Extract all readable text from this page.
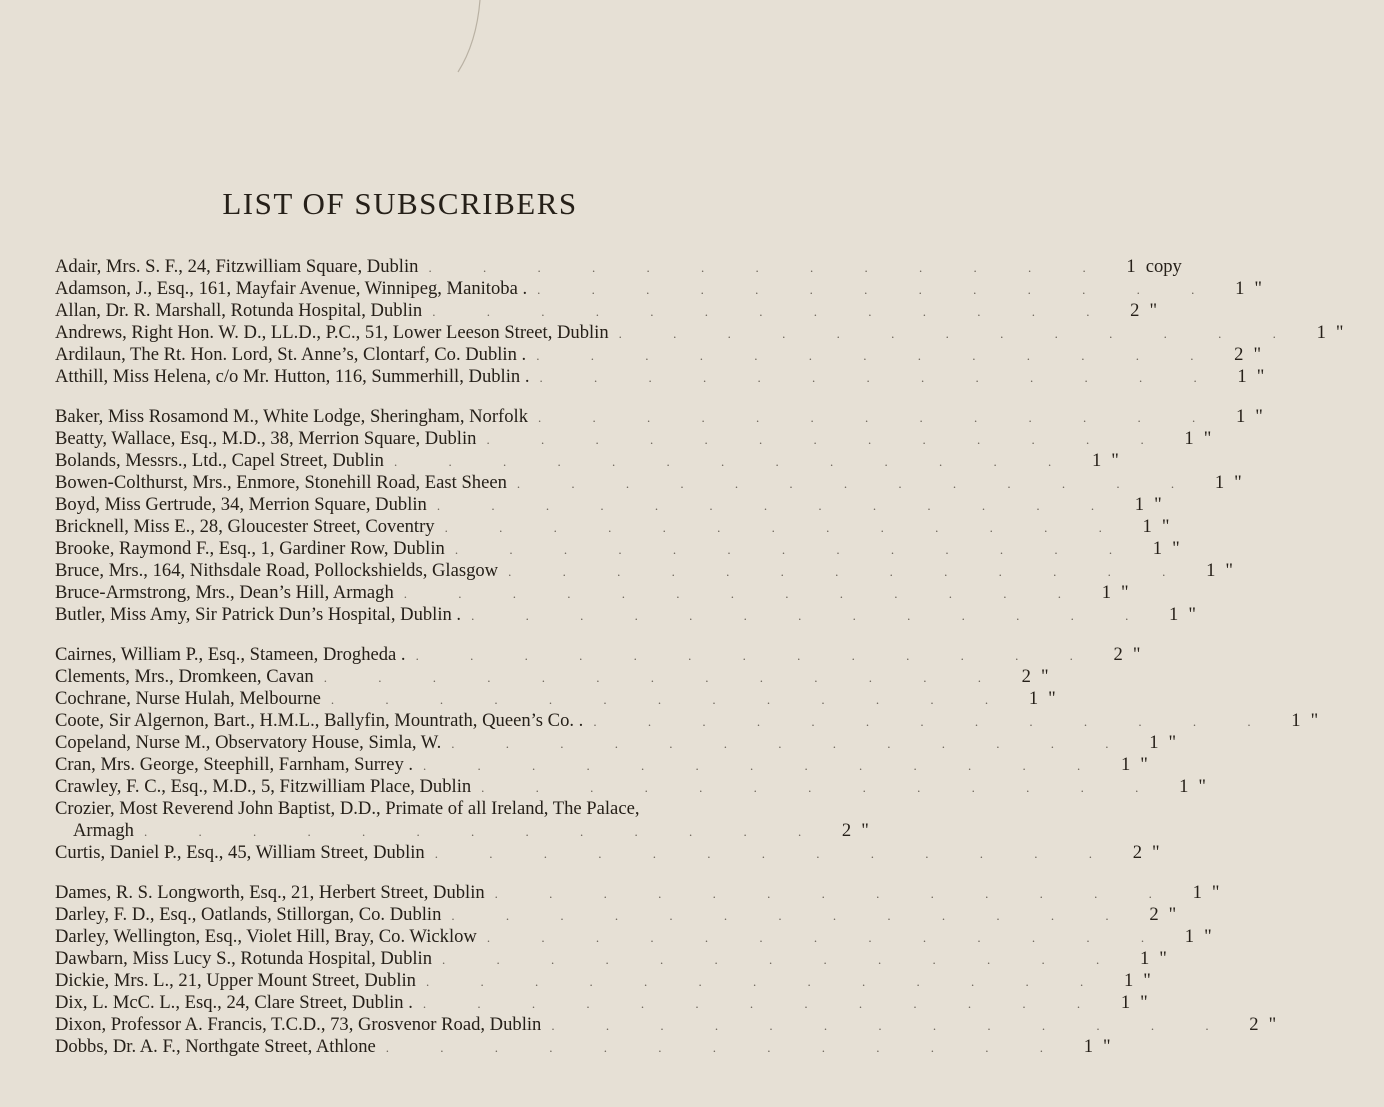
LIST OF SUBSCRIBERS
Adair, Mrs. S. F., 24, Fitzwilliam Square, Dublin . . . . . . . . . . . . . 1 copy
Adamson, J., Esq., 161, Mayfair Avenue, Winnipeg, Manitoba . . . . . . . . . . . . . . 1 "
Allan, Dr. R. Marshall, Rotunda Hospital, Dublin . . . . . . . . . . . . . 2 "
Andrews, Right Hon. W. D., LL.D., P.C., 51, Lower Leeson Street, Dublin . . . . . . . . . . . . . 1 "
Ardilaun, The Rt. Hon. Lord, St. Anne’s, Clontarf, Co. Dublin . . . . . . . . . . . . . . 2 "
Atthill, Miss Helena, c/o Mr. Hutton, 116, Summerhill, Dublin . . . . . . . . . . . . . . 1 "
Baker, Miss Rosamond M., White Lodge, Sheringham, Norfolk . . . . . . . . . . . . . 1 "
Beatty, Wallace, Esq., M.D., 38, Merrion Square, Dublin . . . . . . . . . . . . . 1 "
Bolands, Messrs., Ltd., Capel Street, Dublin . . . . . . . . . . . . . 1 "
Bowen-Colthurst, Mrs., Enmore, Stonehill Road, East Sheen . . . . . . . . . . . . . 1 "
Boyd, Miss Gertrude, 34, Merrion Square, Dublin . . . . . . . . . . . . . 1 "
Bricknell, Miss E., 28, Gloucester Street, Coventry . . . . . . . . . . . . . 1 "
Brooke, Raymond F., Esq., 1, Gardiner Row, Dublin . . . . . . . . . . . . . 1 "
Bruce, Mrs., 164, Nithsdale Road, Pollockshields, Glasgow . . . . . . . . . . . . . 1 "
Bruce-Armstrong, Mrs., Dean’s Hill, Armagh . . . . . . . . . . . . . 1 "
Butler, Miss Amy, Sir Patrick Dun’s Hospital, Dublin . . . . . . . . . . . . . . 1 "
Cairnes, William P., Esq., Stameen, Drogheda . . . . . . . . . . . . . . 2 "
Clements, Mrs., Dromkeen, Cavan . . . . . . . . . . . . . 2 "
Cochrane, Nurse Hulah, Melbourne . . . . . . . . . . . . . 1 "
Coote, Sir Algernon, Bart., H.M.L., Ballyfin, Mountrath, Queen’s Co. . . . . . . . . . . . . . . 1 "
Copeland, Nurse M., Observatory House, Simla, W. . . . . . . . . . . . . . 1 "
Cran, Mrs. George, Steephill, Farnham, Surrey . . . . . . . . . . . . . . 1 "
Crawley, F. C., Esq., M.D., 5, Fitzwilliam Place, Dublin . . . . . . . . . . . . . 1 "
Crozier, Most Reverend John Baptist, D.D., Primate of all Ireland, The Palace,
Armagh . . . . . . . . . . . . . 2 "
Curtis, Daniel P., Esq., 45, William Street, Dublin . . . . . . . . . . . . . 2 "
Dames, R. S. Longworth, Esq., 21, Herbert Street, Dublin . . . . . . . . . . . . . 1 "
Darley, F. D., Esq., Oatlands, Stillorgan, Co. Dublin . . . . . . . . . . . . . 2 "
Darley, Wellington, Esq., Violet Hill, Bray, Co. Wicklow . . . . . . . . . . . . . 1 "
Dawbarn, Miss Lucy S., Rotunda Hospital, Dublin . . . . . . . . . . . . . 1 "
Dickie, Mrs. L., 21, Upper Mount Street, Dublin . . . . . . . . . . . . . 1 "
Dix, L. McC. L., Esq., 24, Clare Street, Dublin . . . . . . . . . . . . . . 1 "
Dixon, Professor A. Francis, T.C.D., 73, Grosvenor Road, Dublin . . . . . . . . . . . . . 2 "
Dobbs, Dr. A. F., Northgate Street, Athlone . . . . . . . . . . . . . 1 "
